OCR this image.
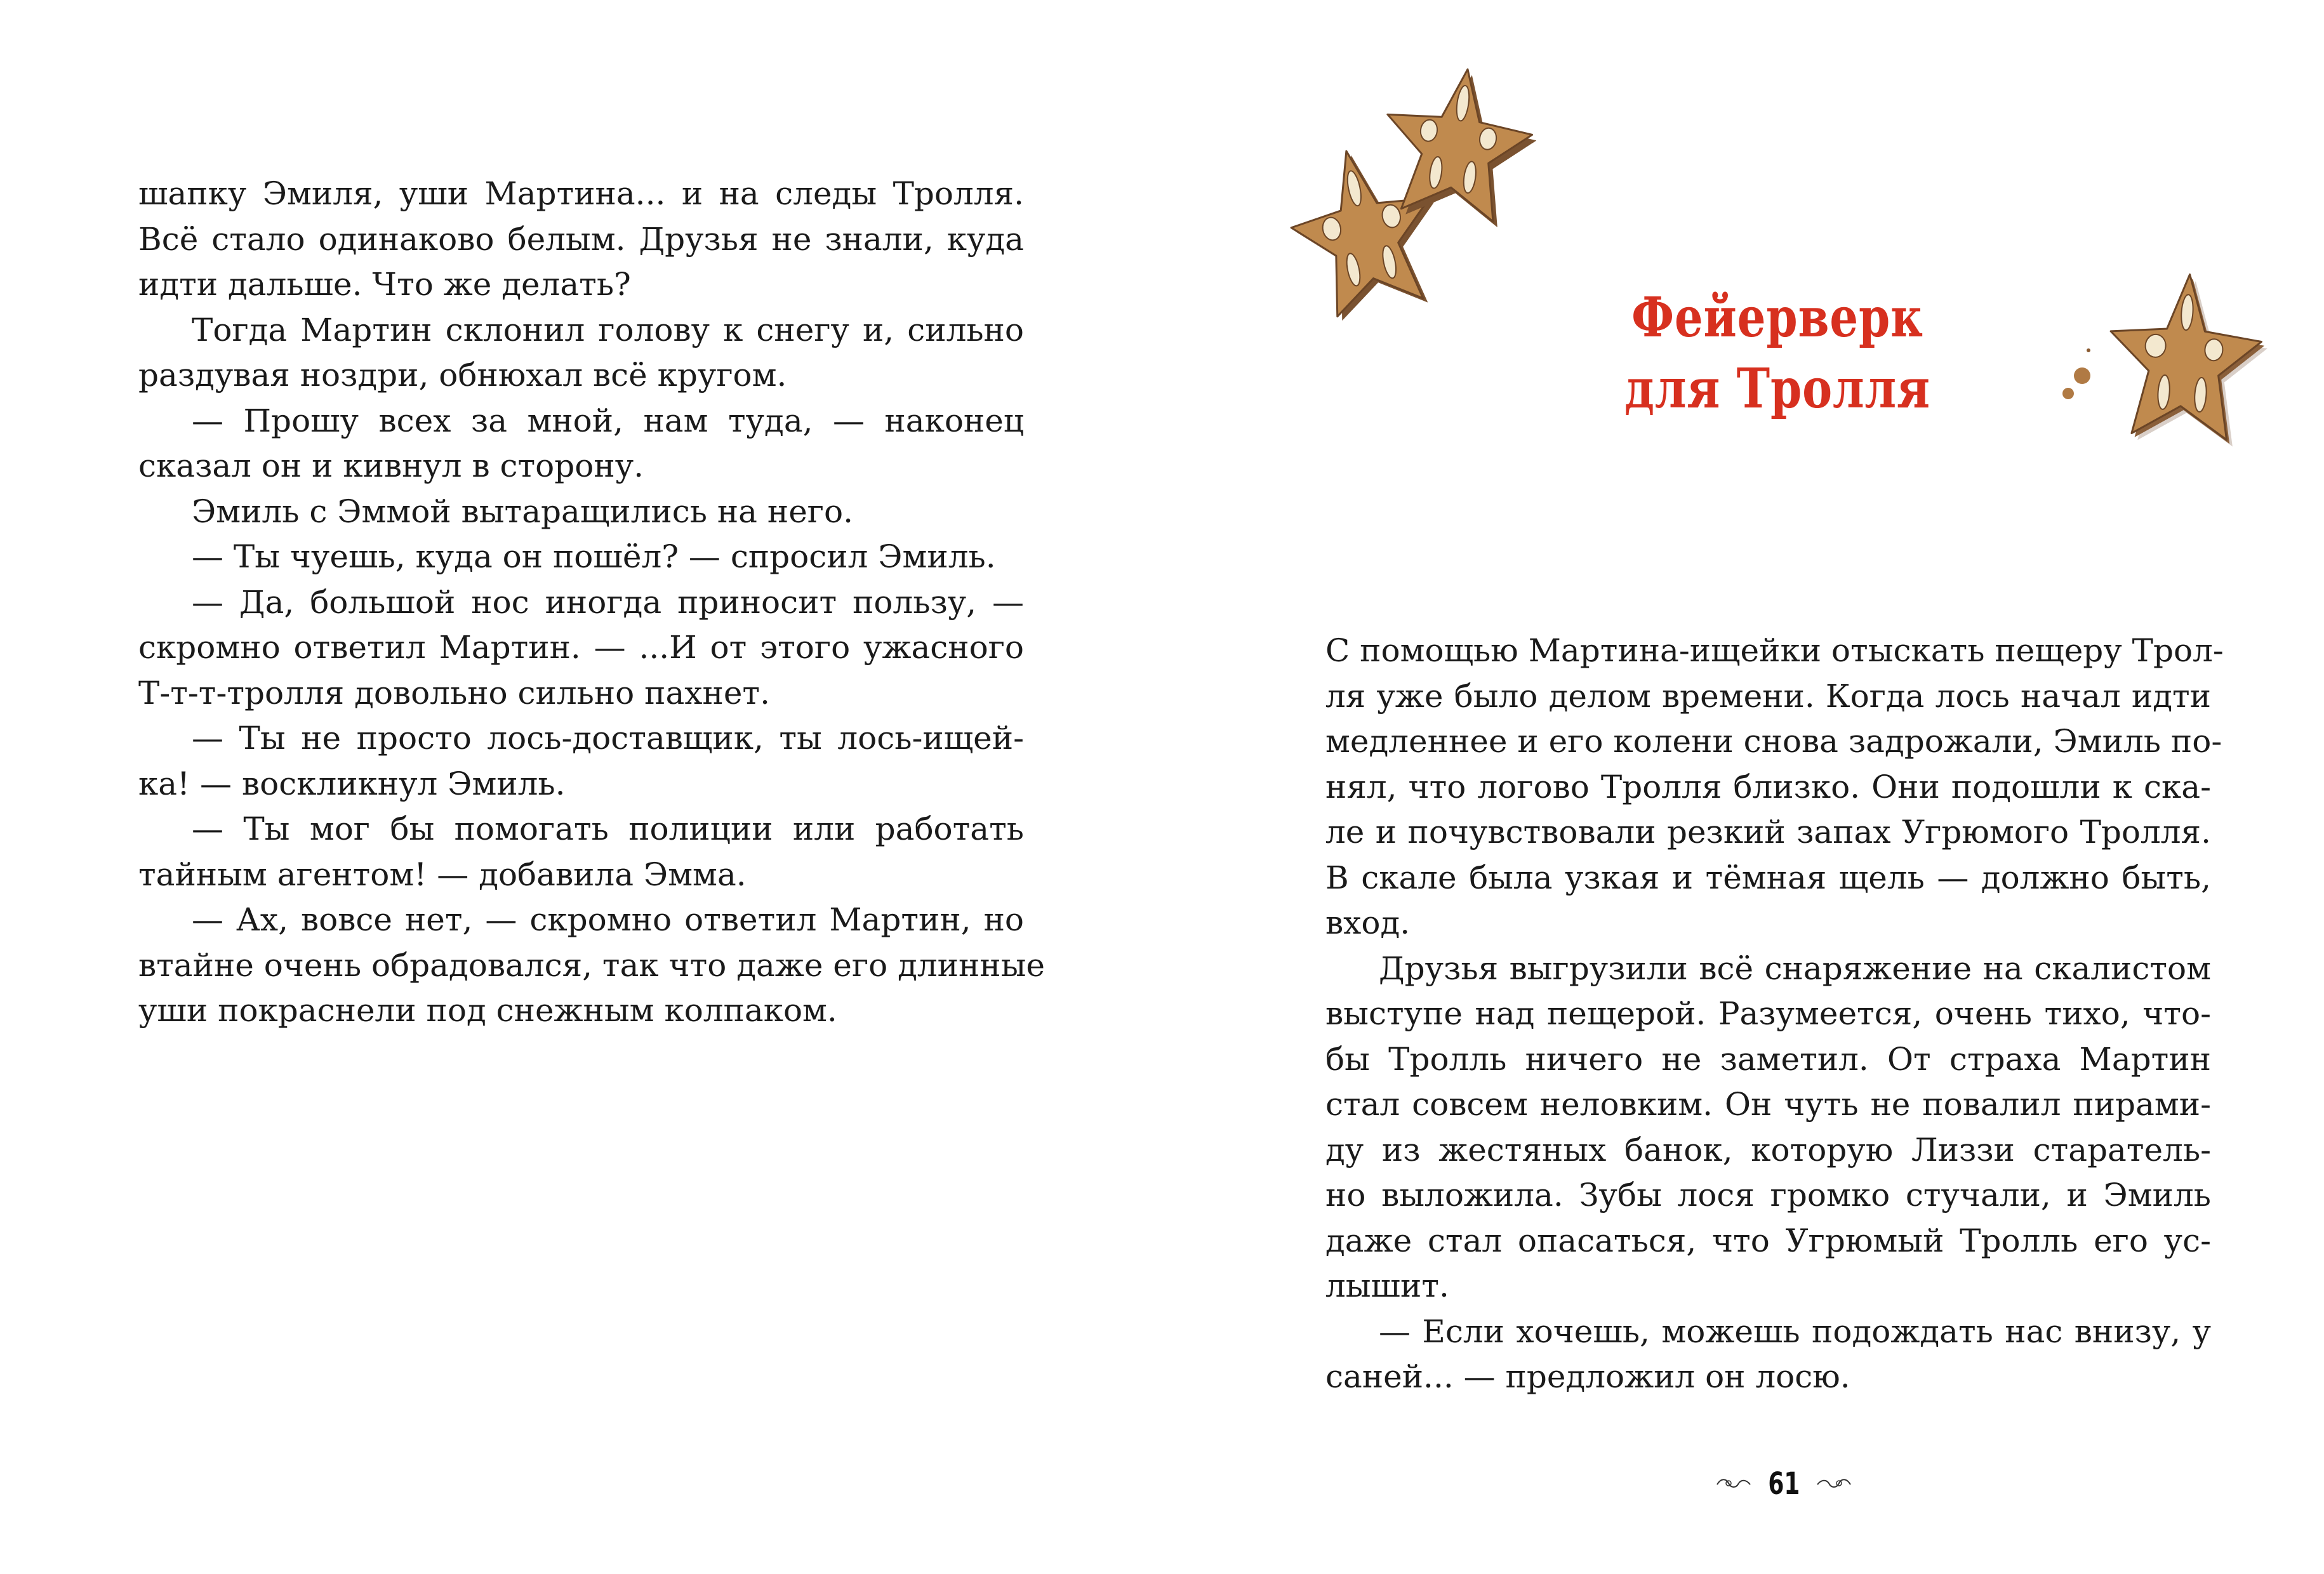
шапку Эмиля, уши Мартина... и на следы Тролля.
Всё стало одинаково белым. Друзья не знали, куда
идти дальше. Что же делать?
Тогда Мартин склонил голову к снегу и, сильно
раздувая ноздри, обнюхал всё кругом.
— Прошу всех за мной, нам туда, — наконец
сказал он и кивнул в сторону.
Эмиль с Эммой вытаращились на него.
— Ты чуешь, куда он пошёл? — спросил Эмиль.
— Да, большой нос иногда приносит пользу, —
скромно ответил Мартин. — ...И от этого ужасного
Т-т-т-тролля довольно сильно пахнет.
— Ты не просто лось-доставщик, ты лось-ищей-
ка! — воскликнул Эмиль.
— Ты мог бы помогать полиции или работать
тайным агентом! — добавила Эмма.
— Ах, вовсе нет, — скромно ответил Мартин, но
втайне очень обрадовался, так что даже его длинные
уши покраснели под снежным колпаком.
Фейерверк
для Тролля
С помощью Мартина-ищейки отыскать пещеру Трол-
ля уже было делом времени. Когда лось начал идти
медленнее и его колени снова задрожали, Эмиль по-
нял, что логово Тролля близко. Они подошли к ска-
ле и почувствовали резкий запах Угрюмого Тролля.
В скале была узкая и тёмная щель — должно быть,
вход.
Друзья выгрузили всё снаряжение на скалистом
выступе над пещерой. Разумеется, очень тихо, что-
бы Тролль ничего не заметил. От страха Мартин
стал совсем неловким. Он чуть не повалил пирами-
ду из жестяных банок, которую Лиззи старатель-
но выложила. Зубы лося громко стучали, и Эмиль
даже стал опасаться, что Угрюмый Тролль его ус-
лышит.
— Если хочешь, можешь подождать нас внизу, у
саней... — предложил он лосю.
61
